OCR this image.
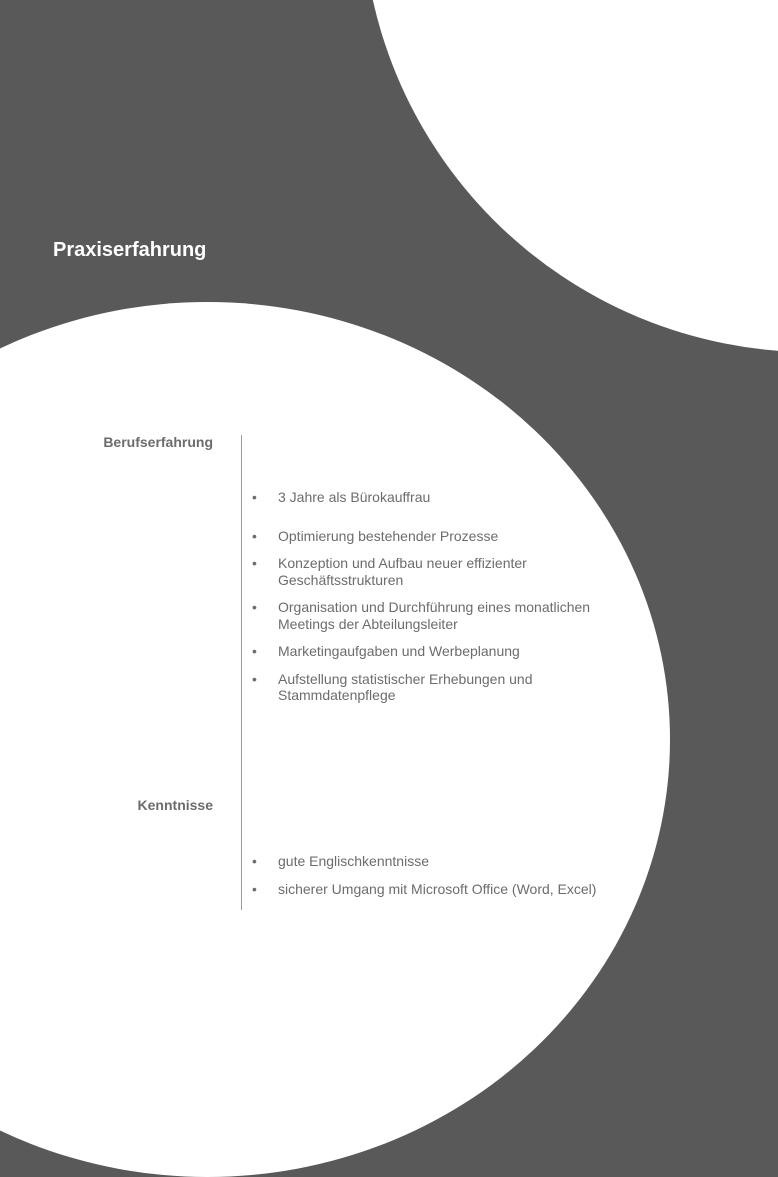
Praxiserfahrung
Berufserfahrung
• 3 Jahre als Bürokauffrau
• Optimierung bestehender Prozesse
• Konzeption und Aufbau neuer effizienter Geschäftsstrukturen
• Organisation und Durchführung eines monatlichen Meetings der Abteilungsleiter
• Marketingaufgaben und Werbeplanung
• Aufstellung statistischer Erhebungen und Stammdatenpflege
Kenntnisse
• gute Englischkenntnisse
• sicherer Umgang mit Microsoft Office (Word, Excel)
